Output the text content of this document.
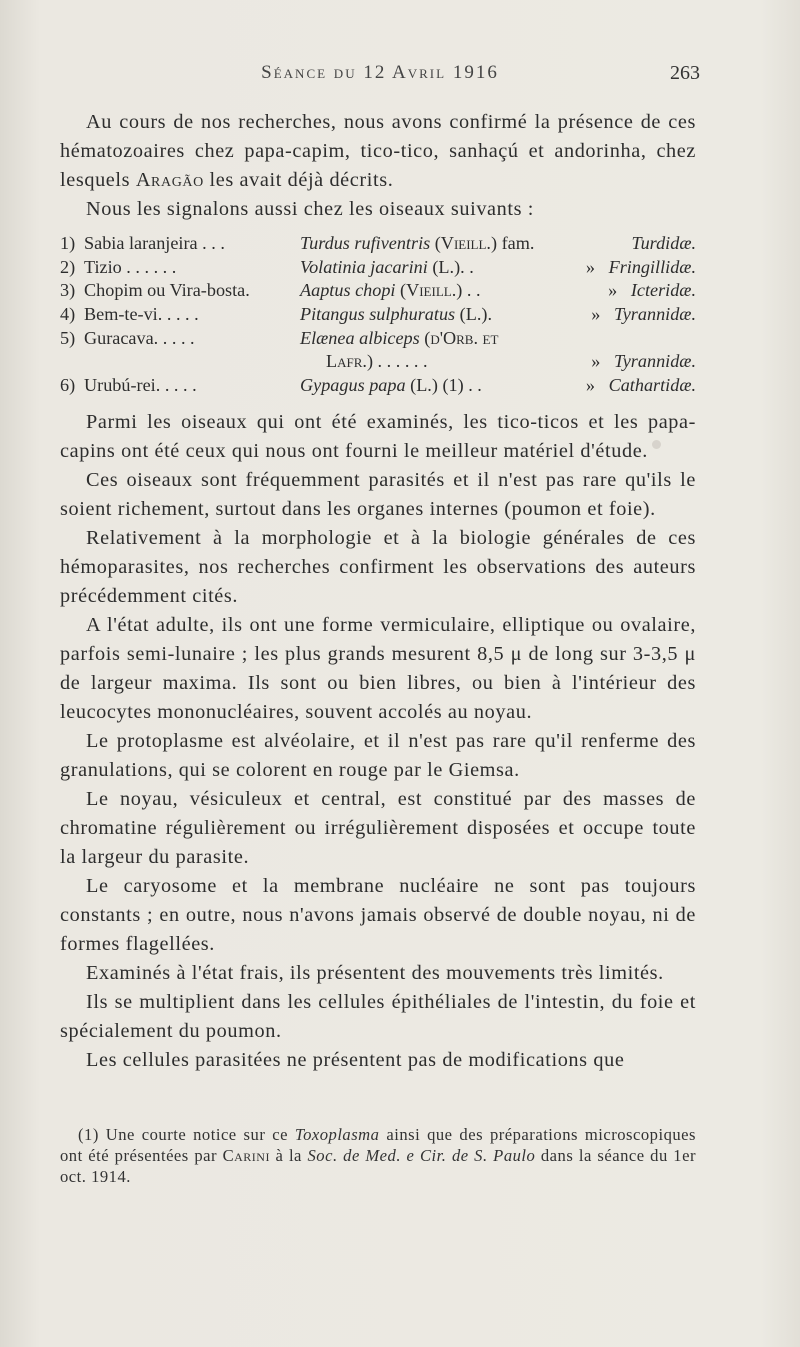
Séance du 12 Avril 1916	263

Au cours de nos recherches, nous avons confirmé la présence de ces hématozoaires chez papa-capim, tico-tico, sanhaçú et andorinha, chez lesquels Aragão les avait déjà décrits.

Nous les signalons aussi chez les oiseaux suivants :

1) Sabia laranjeira . . .	Turdus rufiventris (Vieill.) fam.	Turdidæ.
2) Tizio . . . . . .	Volatinia jacarini (L.). .	» Fringillidæ.
3) Chopim ou Vira-bosta.	Aaptus chopi (Vieill.) . .	» Icteridæ.
4) Bem-te-vi. . . . .	Pitangus sulphuratus (L.).	» Tyrannidæ.
5) Guracava. . . . .	Elænea albiceps (d'Orb. et
Lafr.) . . . . . .	» Tyrannidæ.
6) Urubú-rei. . . . .	Gypagus papa (L.) (1) . .	» Cathartidæ.

Parmi les oiseaux qui ont été examinés, les tico-ticos et les papa-capins ont été ceux qui nous ont fourni le meilleur matériel d'étude.

Ces oiseaux sont fréquemment parasités et il n'est pas rare qu'ils le soient richement, surtout dans les organes internes (poumon et foie).

Relativement à la morphologie et à la biologie générales de ces hémoparasites, nos recherches confirment les observations des auteurs précédemment cités.

A l'état adulte, ils ont une forme vermiculaire, elliptique ou ovalaire, parfois semi-lunaire ; les plus grands mesurent 8,5 μ de long sur 3-3,5 μ de largeur maxima. Ils sont ou bien libres, ou bien à l'intérieur des leucocytes mononucléaires, souvent accolés au noyau.

Le protoplasme est alvéolaire, et il n'est pas rare qu'il renferme des granulations, qui se colorent en rouge par le Giemsa.

Le noyau, vésiculeux et central, est constitué par des masses de chromatine régulièrement ou irrégulièrement disposées et occupe toute la largeur du parasite.

Le caryosome et la membrane nucléaire ne sont pas toujours constants ; en outre, nous n'avons jamais observé de double noyau, ni de formes flagellées.

Examinés à l'état frais, ils présentent des mouvements très limités.

Ils se multiplient dans les cellules épithéliales de l'intestin, du foie et spécialement du poumon.

Les cellules parasitées ne présentent pas de modifications que

(1) Une courte notice sur ce Toxoplasma ainsi que des préparations microscopiques ont été présentées par Carini à la Soc. de Med. e Cir. de S. Paulo dans la séance du 1er oct. 1914.
